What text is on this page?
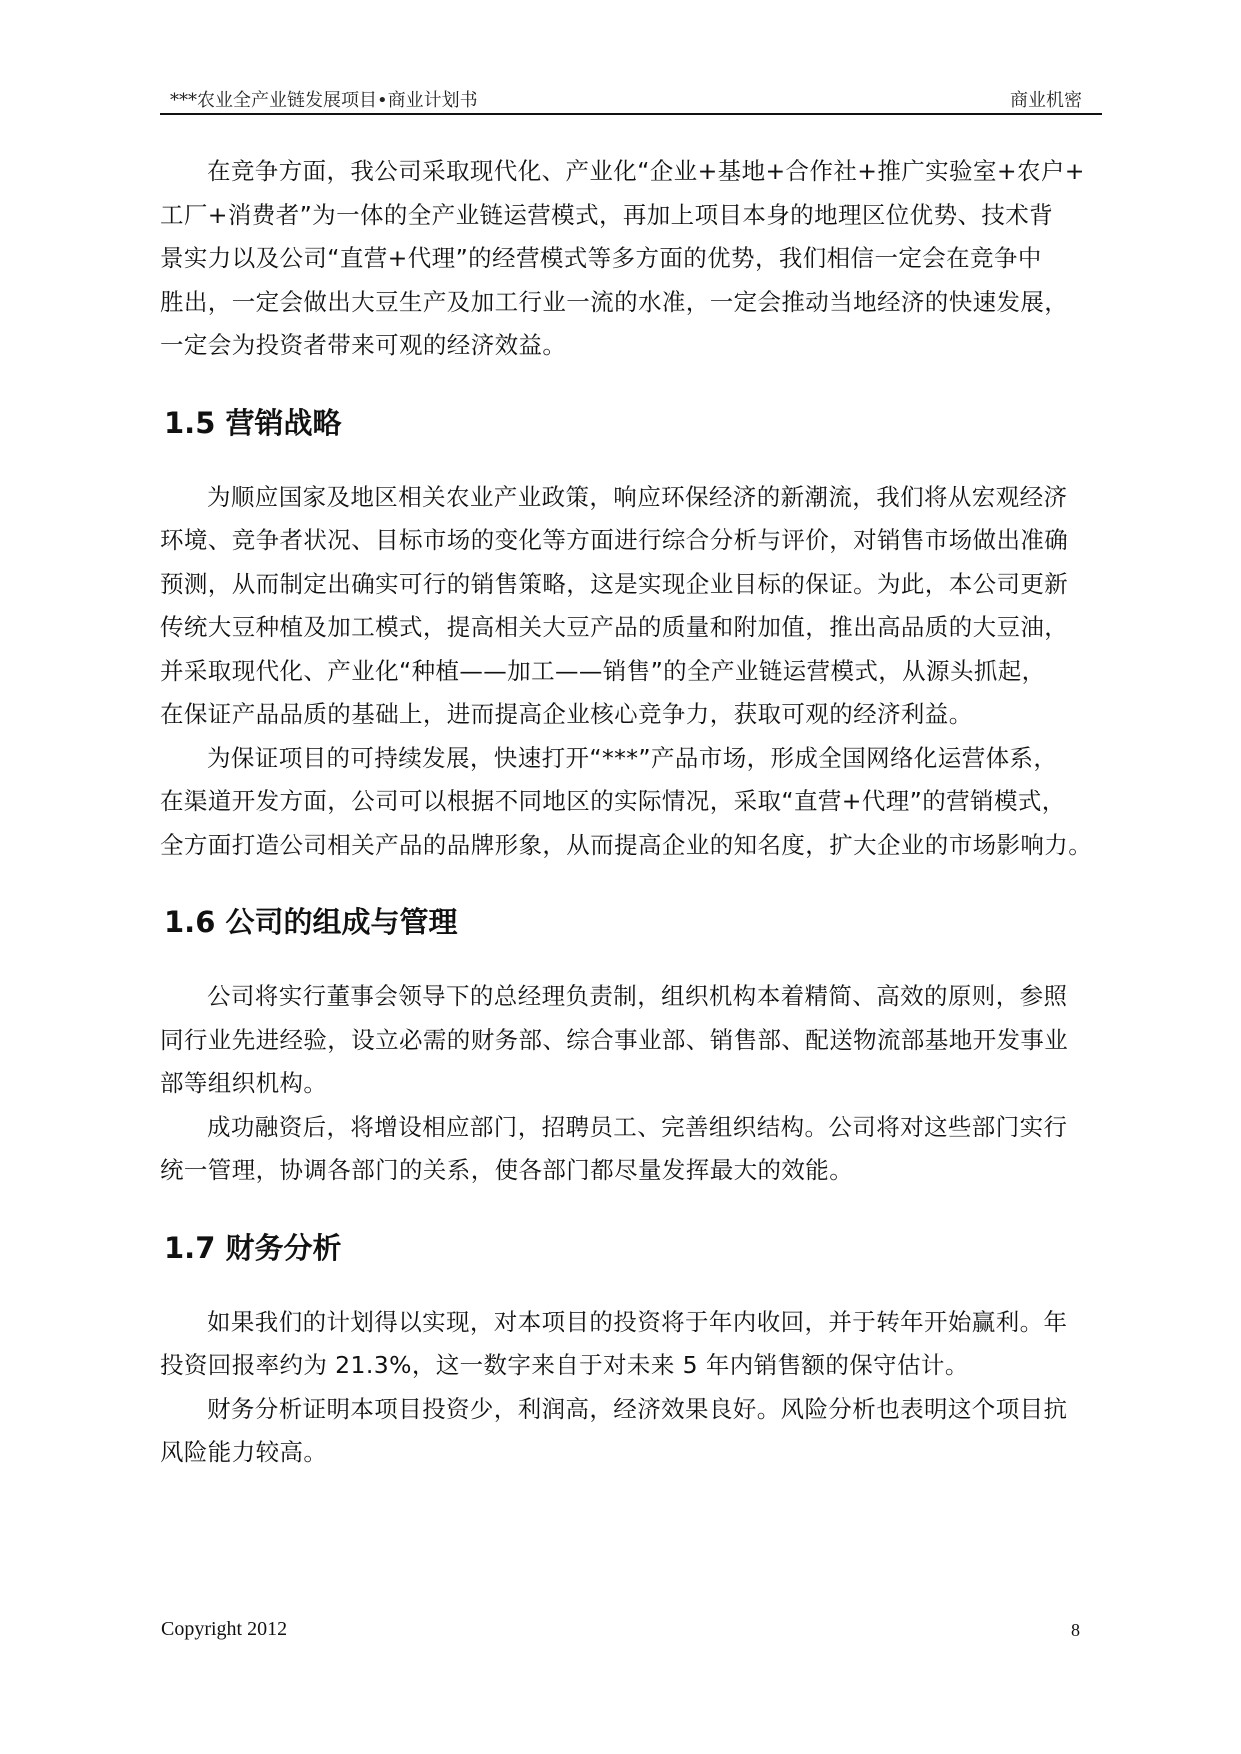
***农业全产业链发展项目•商业计划书	商业机密

在竞争方面，我公司采取现代化、产业化“企业+基地+合作社+推广实验室+农户+
工厂+消费者”为一体的全产业链运营模式，再加上项目本身的地理区位优势、技术背
景实力以及公司“直营+代理”的经营模式等多方面的优势，我们相信一定会在竞争中
胜出，一定会做出大豆生产及加工行业一流的水准，一定会推动当地经济的快速发展，
一定会为投资者带来可观的经济效益。

1.5 营销战略

为顺应国家及地区相关农业产业政策，响应环保经济的新潮流，我们将从宏观经济
环境、竞争者状况、目标市场的变化等方面进行综合分析与评价，对销售市场做出准确
预测，从而制定出确实可行的销售策略，这是实现企业目标的保证。为此，本公司更新
传统大豆种植及加工模式，提高相关大豆产品的质量和附加值，推出高品质的大豆油，
并采取现代化、产业化“种植——加工——销售”的全产业链运营模式，从源头抓起，
在保证产品品质的基础上，进而提高企业核心竞争力，获取可观的经济利益。

为保证项目的可持续发展，快速打开“***”产品市场，形成全国网络化运营体系，
在渠道开发方面，公司可以根据不同地区的实际情况，采取“直营+代理”的营销模式，
全方面打造公司相关产品的品牌形象，从而提高企业的知名度，扩大企业的市场影响力。

1.6 公司的组成与管理

公司将实行董事会领导下的总经理负责制，组织机构本着精简、高效的原则，参照
同行业先进经验，设立必需的财务部、综合事业部、销售部、配送物流部基地开发事业
部等组织机构。

成功融资后，将增设相应部门，招聘员工、完善组织结构。公司将对这些部门实行
统一管理，协调各部门的关系，使各部门都尽量发挥最大的效能。

1.7 财务分析

如果我们的计划得以实现，对本项目的投资将于年内收回，并于转年开始赢利。年
投资回报率约为 21.3%，这一数字来自于对未来 5 年内销售额的保守估计。

财务分析证明本项目投资少，利润高，经济效果良好。风险分析也表明这个项目抗
风险能力较高。

Copyright 2012	8
